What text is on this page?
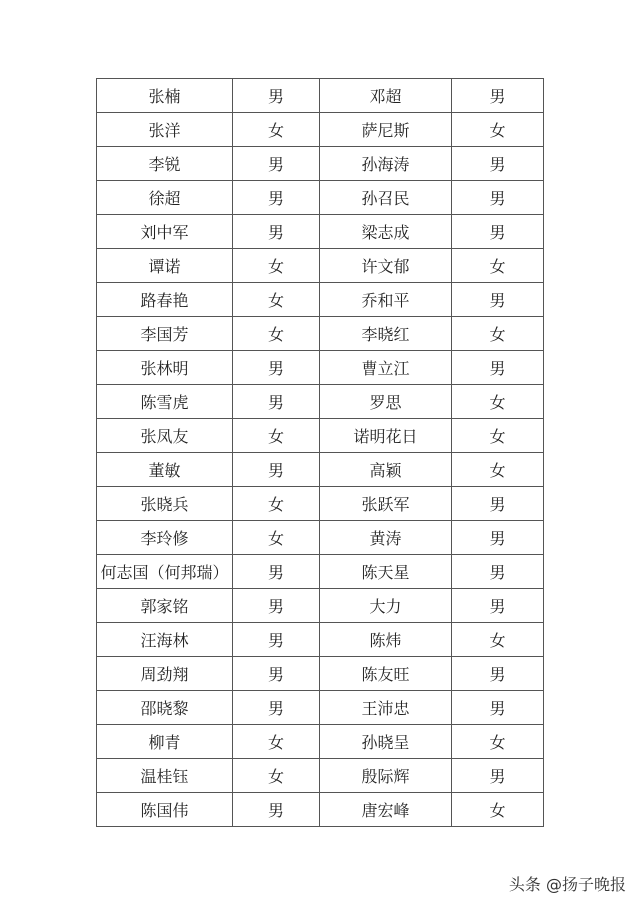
张楠	男	邓超	男
张洋	女	萨尼斯	女
李锐	男	孙海涛	男
徐超	男	孙召民	男
刘中军	男	梁志成	男
谭诺	女	许文郁	女
路春艳	女	乔和平	男
李国芳	女	李晓红	女
张林明	男	曹立江	男
陈雪虎	男	罗思	女
张凤友	女	诺明花日	女
董敏	男	高颖	女
张晓兵	女	张跃军	男
李玲修	女	黄涛	男
何志国（何邦瑞）	男	陈天星	男
郭家铭	男	大力	男
汪海林	男	陈炜	女
周劲翔	男	陈友旺	男
邵晓黎	男	王沛忠	男
柳青	女	孙晓呈	女
温桂钰	女	殷际辉	男
陈国伟	男	唐宏峰	女
头条 @扬子晚报
